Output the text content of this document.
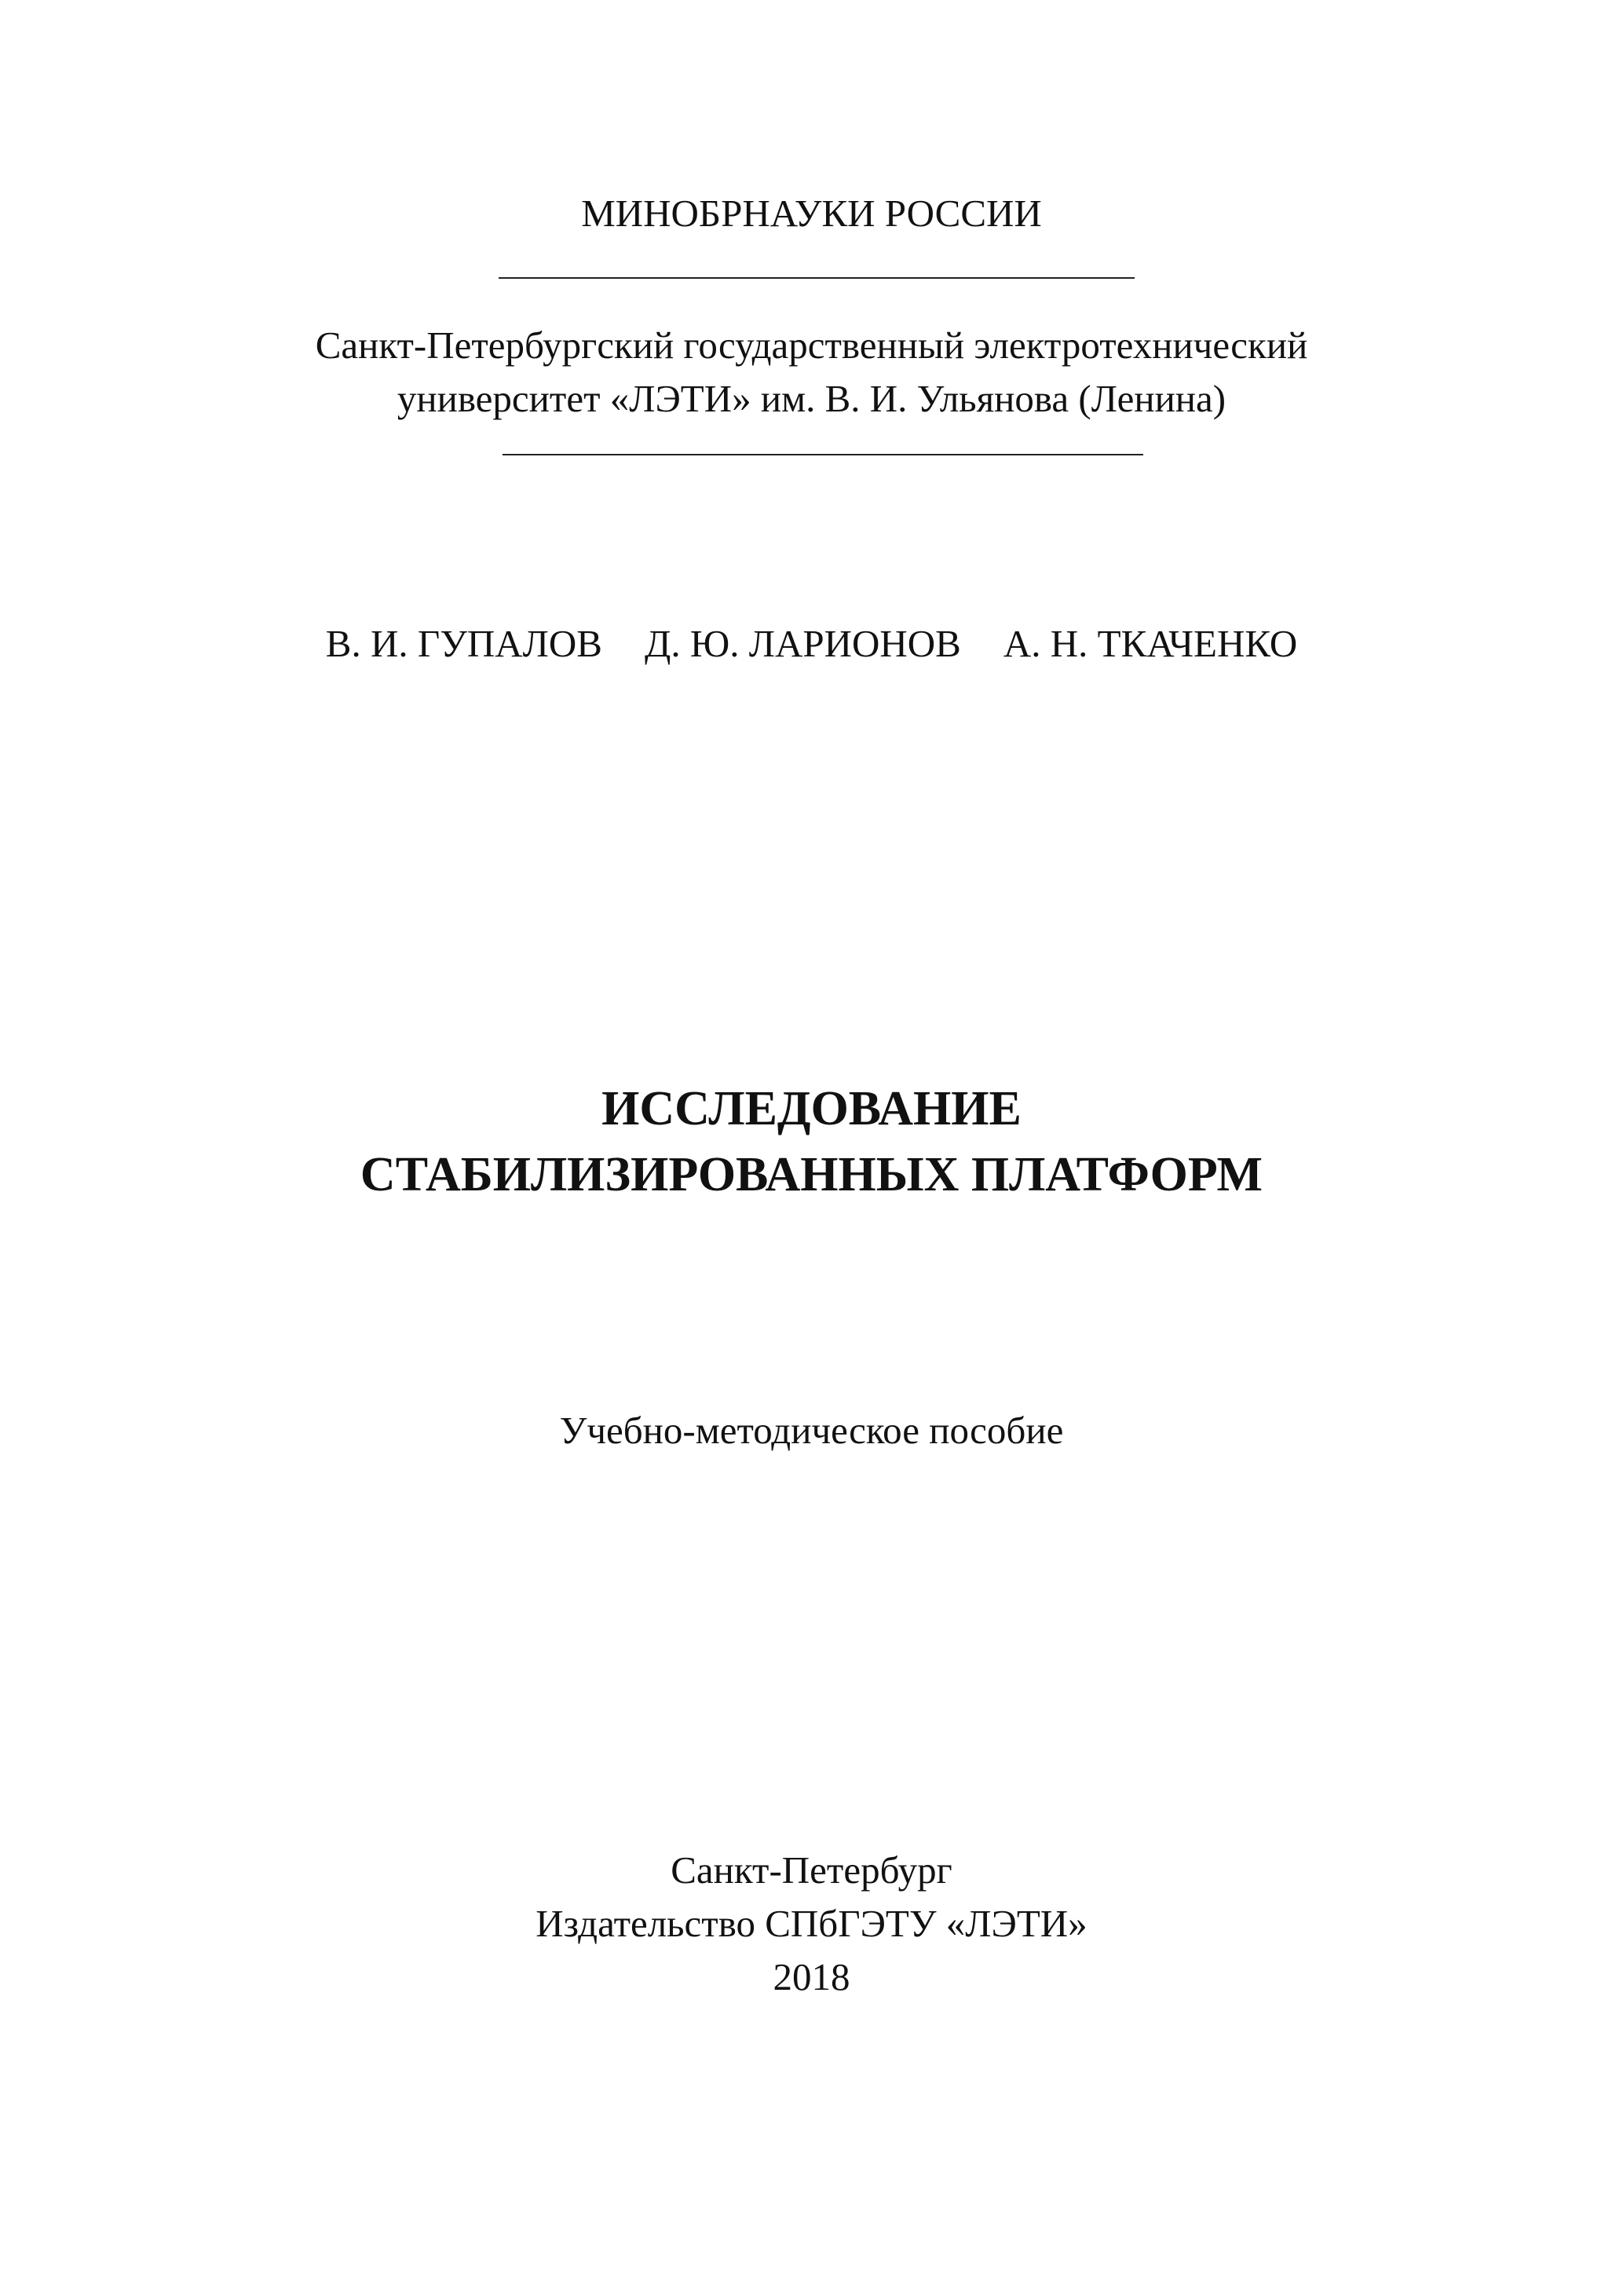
МИНОБРНАУКИ РОССИИ
Санкт-Петербургский государственный электротехнический
университет «ЛЭТИ» им. В. И. Ульянова (Ленина)
В. И. ГУПАЛОВ Д. Ю. ЛАРИОНОВ А. Н. ТКАЧЕНКО
ИССЛЕДОВАНИЕ
СТАБИЛИЗИРОВАННЫХ ПЛАТФОРМ
Учебно-методическое пособие
Санкт-Петербург
Издательство СПбГЭТУ «ЛЭТИ»
2018
